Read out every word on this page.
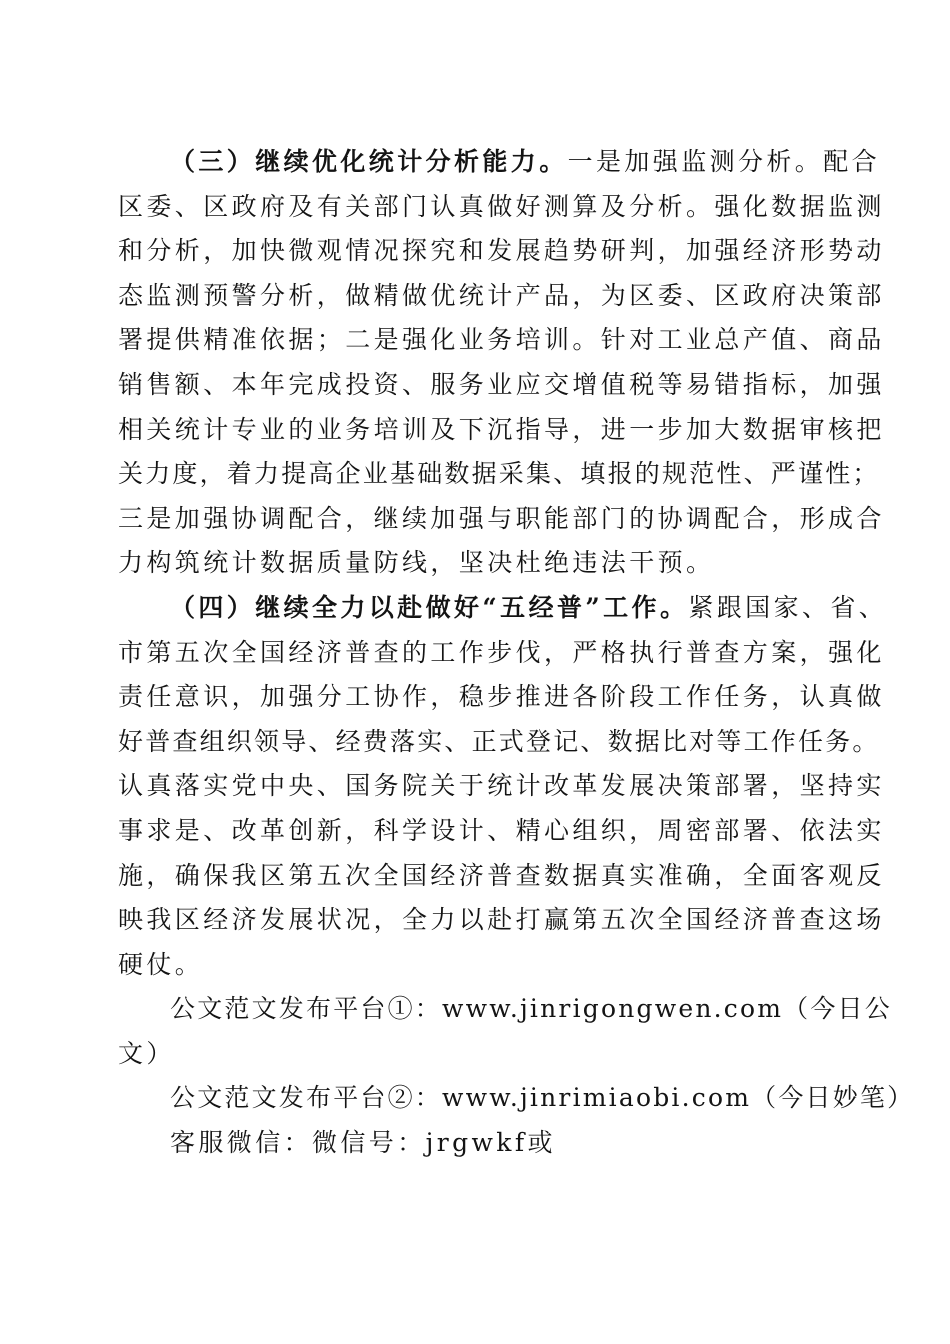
（三）继续优化统计分析能力。一是加强监测分析。配合
区委、区政府及有关部门认真做好测算及分析。强化数据监测
和分析，加快微观情况探究和发展趋势研判，加强经济形势动
态监测预警分析，做精做优统计产品，为区委、区政府决策部
署提供精准依据；二是强化业务培训。针对工业总产值、商品
销售额、本年完成投资、服务业应交增值税等易错指标，加强
相关统计专业的业务培训及下沉指导，进一步加大数据审核把
关力度，着力提高企业基础数据采集、填报的规范性、严谨性；
三是加强协调配合，继续加强与职能部门的协调配合，形成合
力构筑统计数据质量防线，坚决杜绝违法干预。
（四）继续全力以赴做好“五经普”工作。紧跟国家、省、
市第五次全国经济普查的工作步伐，严格执行普查方案，强化
责任意识，加强分工协作，稳步推进各阶段工作任务，认真做
好普查组织领导、经费落实、正式登记、数据比对等工作任务。
认真落实党中央、国务院关于统计改革发展决策部署，坚持实
事求是、改革创新，科学设计、精心组织，周密部署、依法实
施，确保我区第五次全国经济普查数据真实准确，全面客观反
映我区经济发展状况，全力以赴打赢第五次全国经济普查这场
硬仗。
公文范文发布平台①：www.jinrigongwen.com（今日公
文）
公文范文发布平台②：www.jinrimiaobi.com（今日妙笔）
客服微信：微信号：jrgwkf或
